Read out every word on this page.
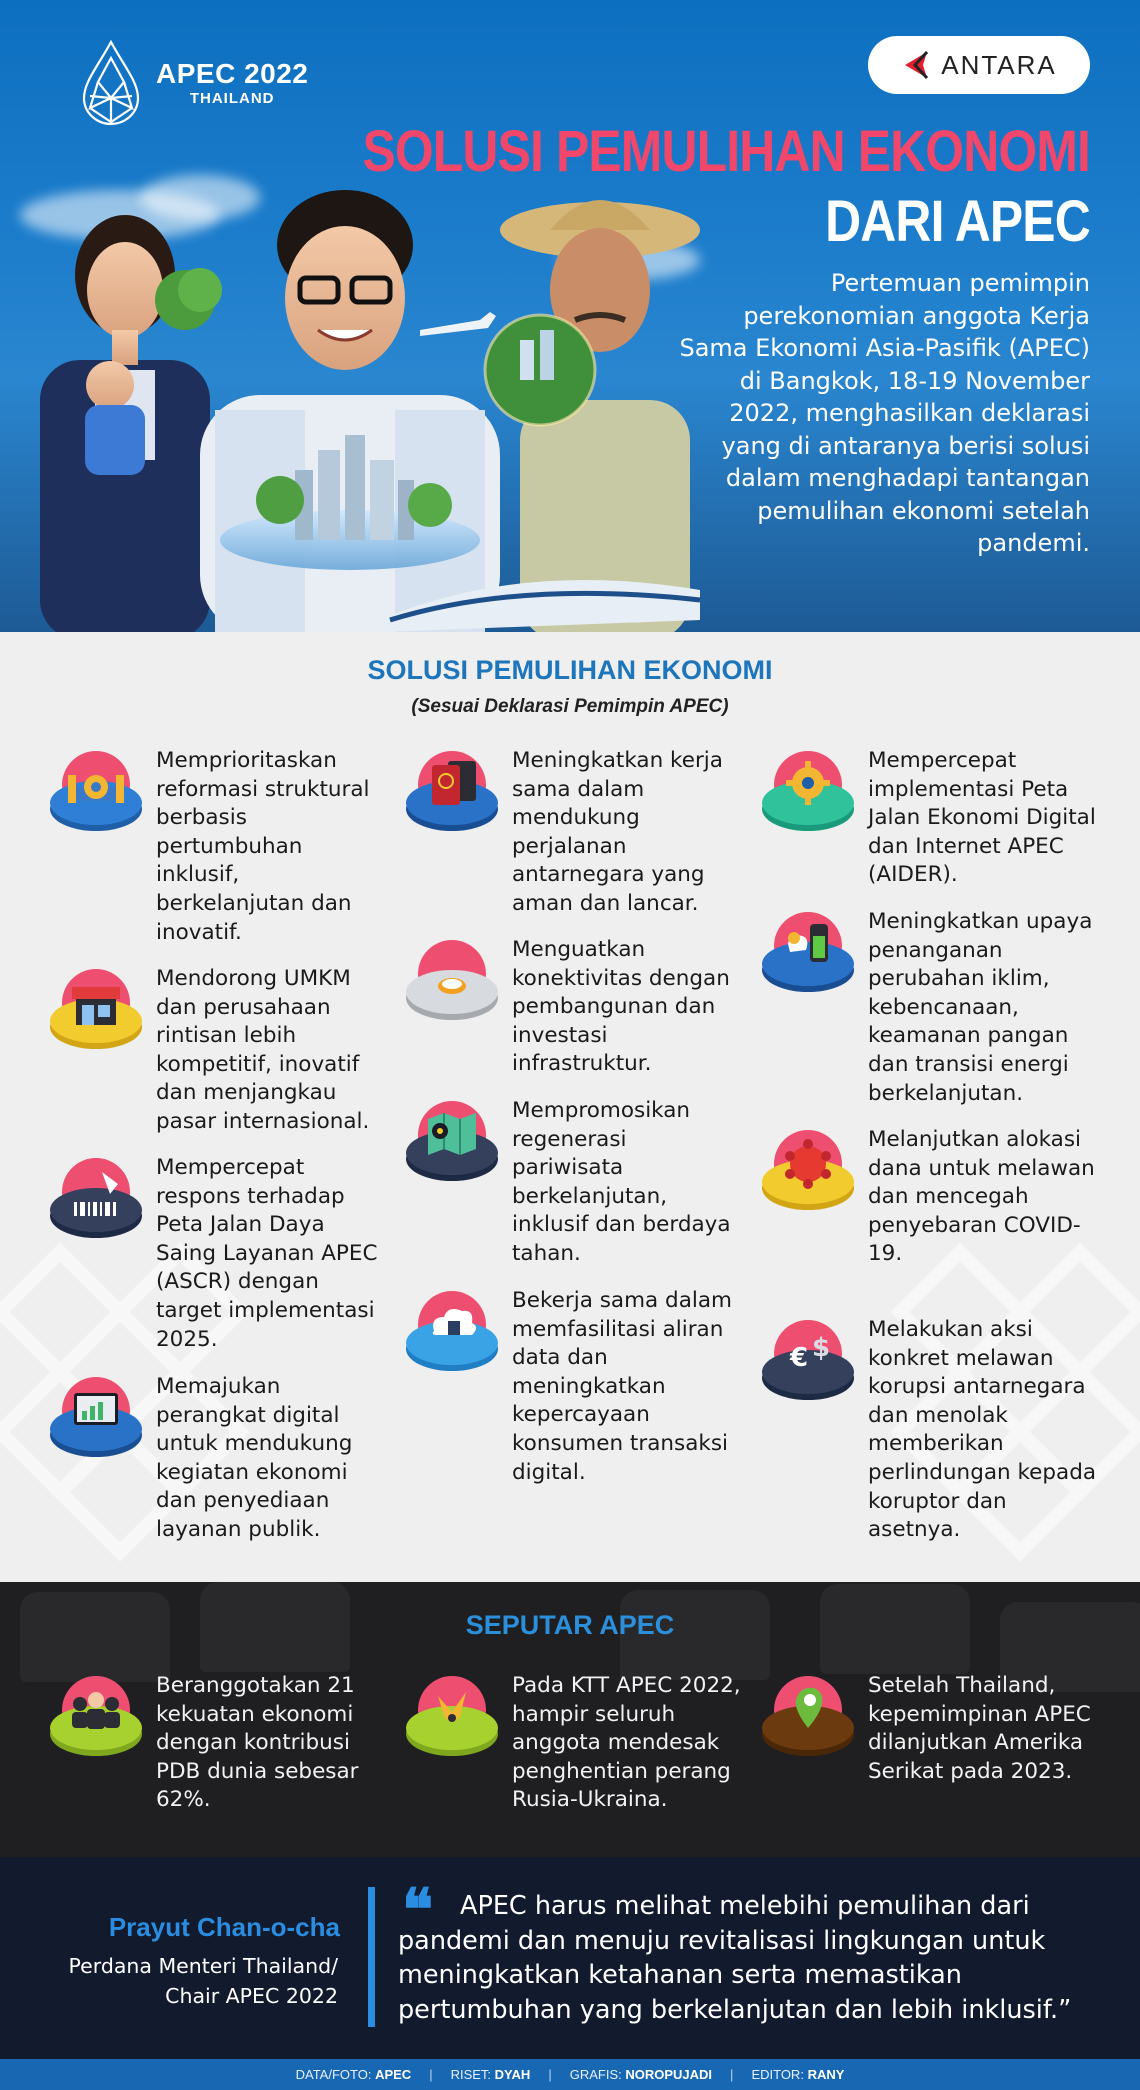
APEC 2022
THAILAND
ANTARA
SOLUSI PEMULIHAN EKONOMI
DARI APEC
Pertemuan pemimpin perekonomian anggota Kerja Sama Ekonomi Asia-Pasifik (APEC) di Bangkok, 18-19 November 2022, menghasilkan deklarasi yang di antaranya berisi solusi dalam menghadapi tantangan pemulihan ekonomi setelah pandemi.
SOLUSI PEMULIHAN EKONOMI
(Sesuai Deklarasi Pemimpin APEC)
Memprioritaskan reformasi struktural berbasis pertumbuhan inklusif, berkelanjutan dan inovatif.
Mendorong UMKM dan perusahaan rintisan lebih kompetitif, inovatif dan menjangkau pasar internasional.
Mempercepat respons terhadap Peta Jalan Daya Saing Layanan APEC (ASCR) dengan target implementasi 2025.
Memajukan perangkat digital untuk mendukung kegiatan ekonomi dan penyediaan layanan publik.
Meningkatkan kerja sama dalam mendukung perjalanan antarnegara yang aman dan lancar.
Menguatkan konektivitas dengan pembangunan dan investasi infrastruktur.
Mempromosikan regenerasi pariwisata berkelanjutan, inklusif dan berdaya tahan.
Bekerja sama dalam memfasilitasi aliran data dan meningkatkan kepercayaan konsumen transaksi digital.
Mempercepat implementasi Peta Jalan Ekonomi Digital dan Internet APEC (AIDER).
Meningkatkan upaya penanganan perubahan iklim, kebencanaan, keamanan pangan dan transisi energi berkelanjutan.
Melanjutkan alokasi dana untuk melawan dan mencegah penyebaran COVID-19.
€ $
Melakukan aksi konkret melawan korupsi antarnegara dan menolak memberikan perlindungan kepada koruptor dan asetnya.
SEPUTAR APEC
Beranggotakan 21 kekuatan ekonomi dengan kontribusi PDB dunia sebesar 62%.
Pada KTT APEC 2022, hampir seluruh anggota mendesak penghentian perang Rusia-Ukraina.
Setelah Thailand, kepemimpinan APEC dilanjutkan Amerika Serikat pada 2023.
Prayut Chan-o-cha
Perdana Menteri Thailand/ Chair APEC 2022
❝	APEC harus melihat melebihi pemulihan dari pandemi dan menuju revitalisasi lingkungan untuk meningkatkan ketahanan serta memastikan pertumbuhan yang berkelanjutan dan lebih inklusif.”
DATA/FOTO: APEC | RISET: DYAH | GRAFIS: NOROPUJADI | EDITOR: RANY
